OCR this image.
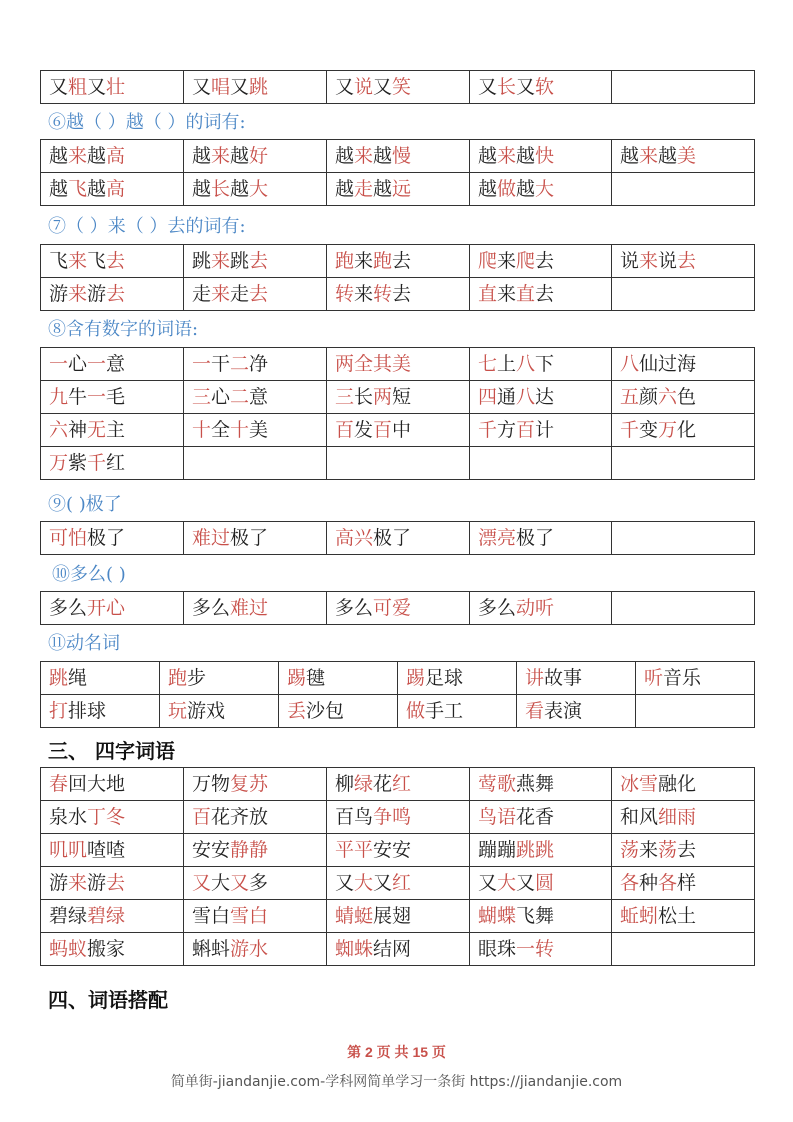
又粗又壮	又唱又跳	又说又笑	又长又软	
⑥越（ ）越（ ）的词有:
越来越高	越来越好	越来越慢	越来越快	越来越美
越飞越高	越长越大	越走越远	越做越大	
⑦（ ）来（ ）去的词有:
飞来飞去	跳来跳去	跑来跑去	爬来爬去	说来说去
游来游去	走来走去	转来转去	直来直去	
⑧含有数字的词语:
一心一意	一干二净	两全其美	七上八下	八仙过海
九牛一毛	三心二意	三长两短	四通八达	五颜六色
六神无主	十全十美	百发百中	千方百计	千变万化
万紫千红				
⑨( )极了
可怕极了	难过极了	高兴极了	漂亮极了	
⑩多么( )
多么开心	多么难过	多么可爱	多么动听	
⑪动名词
跳绳	跑步	踢毽	踢足球	讲故事	听音乐
打排球	玩游戏	丢沙包	做手工	看表演	
三、 四字词语
春回大地	万物复苏	柳绿花红	莺歌燕舞	冰雪融化
泉水丁冬	百花齐放	百鸟争鸣	鸟语花香	和风细雨
叽叽喳喳	安安静静	平平安安	蹦蹦跳跳	荡来荡去
游来游去	又大又多	又大又红	又大又圆	各种各样
碧绿碧绿	雪白雪白	蜻蜓展翅	蝴蝶飞舞	蚯蚓松土
蚂蚁搬家	蝌蚪游水	蜘蛛结网	眼珠一转	
四、词语搭配
第 2 页 共 15 页
简单街-jiandanjie.com-学科网简单学习一条街 https://jiandanjie.com
